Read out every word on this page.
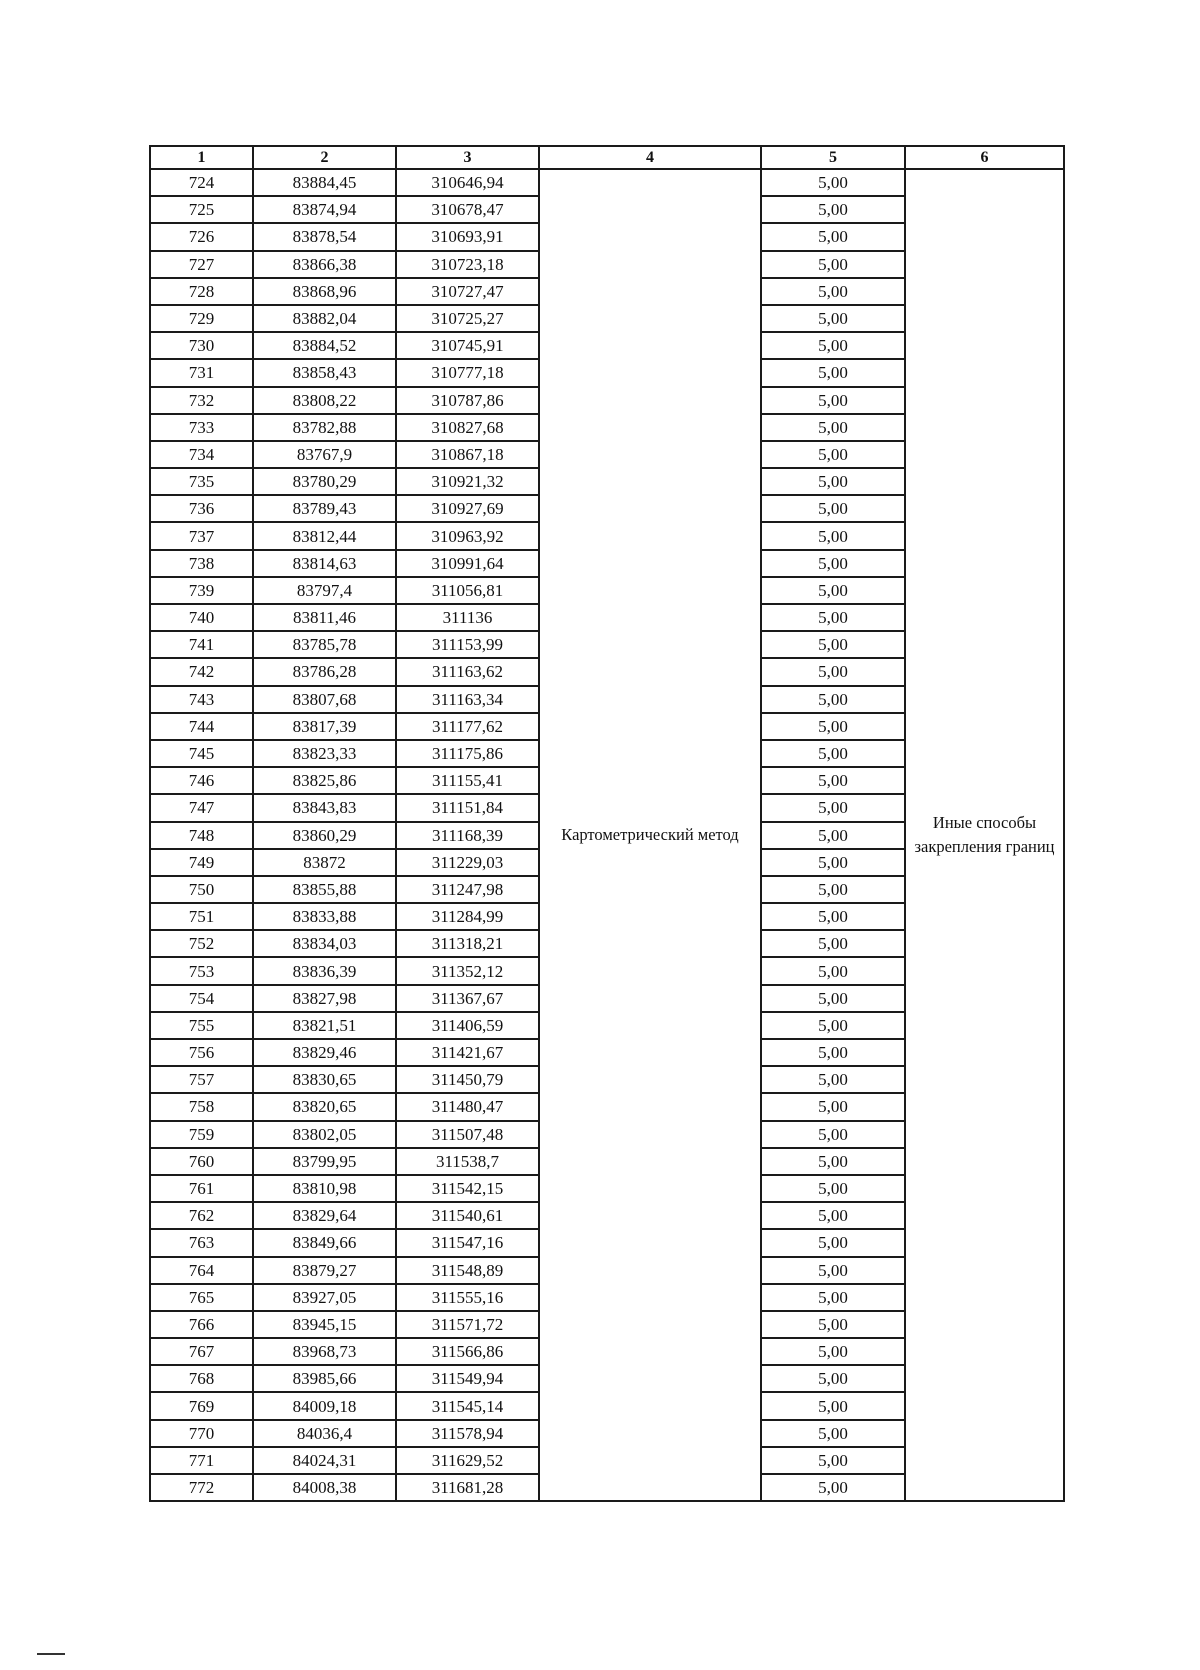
1	2	3	4	5	6
724	83884,45	310646,94	Картометрический метод	5,00	Иные способы закрепления границ
725	83874,94	310678,47		5,00	
726	83878,54	310693,91		5,00	
727	83866,38	310723,18		5,00	
728	83868,96	310727,47		5,00	
729	83882,04	310725,27		5,00	
730	83884,52	310745,91		5,00	
731	83858,43	310777,18		5,00	
732	83808,22	310787,86		5,00	
733	83782,88	310827,68		5,00	
734	83767,9	310867,18		5,00	
735	83780,29	310921,32		5,00	
736	83789,43	310927,69		5,00	
737	83812,44	310963,92		5,00	
738	83814,63	310991,64		5,00	
739	83797,4	311056,81		5,00	
740	83811,46	311136		5,00	
741	83785,78	311153,99		5,00	
742	83786,28	311163,62		5,00	
743	83807,68	311163,34		5,00	
744	83817,39	311177,62		5,00	
745	83823,33	311175,86		5,00	
746	83825,86	311155,41		5,00	
747	83843,83	311151,84		5,00	
748	83860,29	311168,39		5,00	
749	83872	311229,03		5,00	
750	83855,88	311247,98		5,00	
751	83833,88	311284,99		5,00	
752	83834,03	311318,21		5,00	
753	83836,39	311352,12		5,00	
754	83827,98	311367,67		5,00	
755	83821,51	311406,59		5,00	
756	83829,46	311421,67		5,00	
757	83830,65	311450,79		5,00	
758	83820,65	311480,47		5,00	
759	83802,05	311507,48		5,00	
760	83799,95	311538,7		5,00	
761	83810,98	311542,15		5,00	
762	83829,64	311540,61		5,00	
763	83849,66	311547,16		5,00	
764	83879,27	311548,89		5,00	
765	83927,05	311555,16		5,00	
766	83945,15	311571,72		5,00	
767	83968,73	311566,86		5,00	
768	83985,66	311549,94		5,00	
769	84009,18	311545,14		5,00	
770	84036,4	311578,94		5,00	
771	84024,31	311629,52		5,00	
772	84008,38	311681,28		5,00	
